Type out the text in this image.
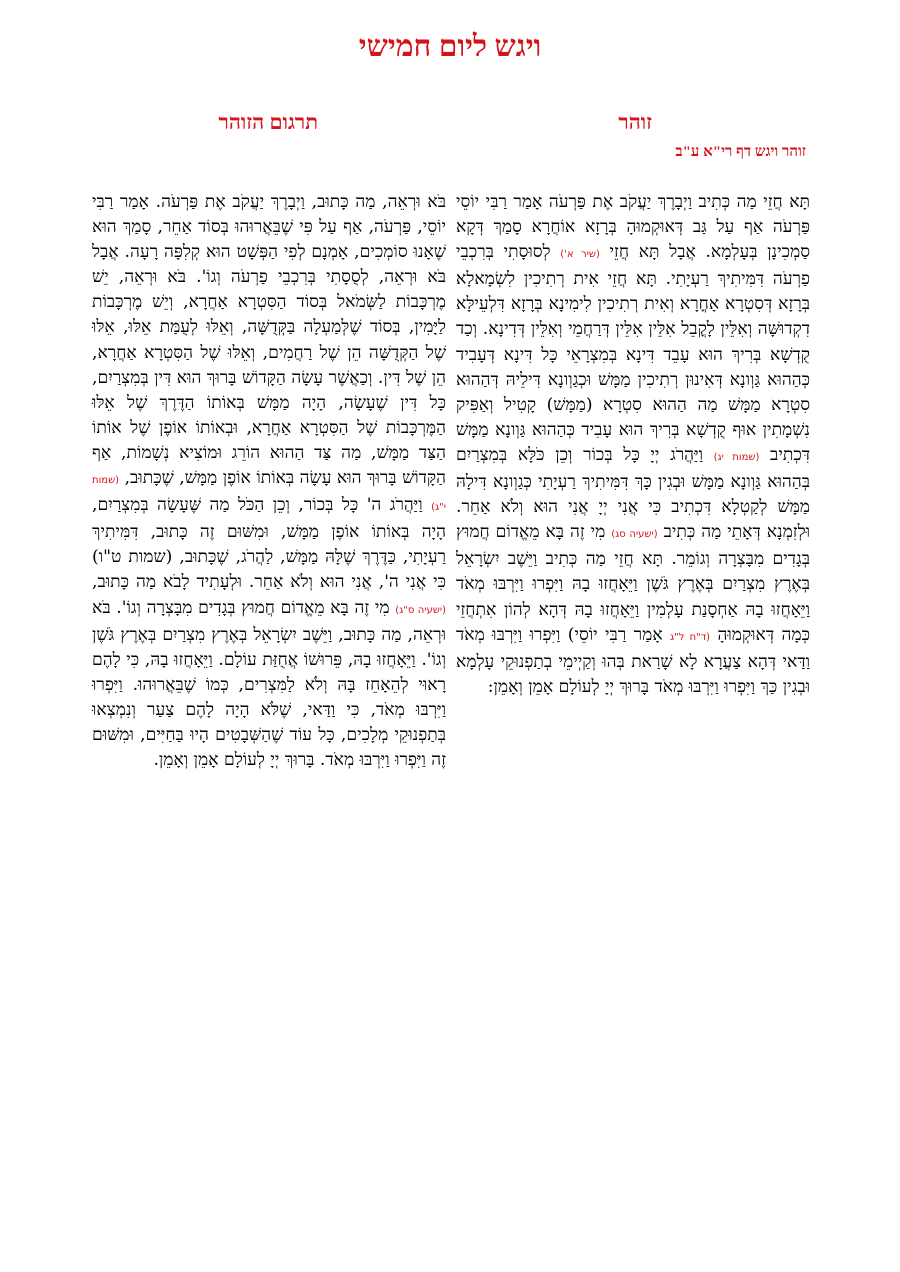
ויגש ליום חמישי
זוהר
תרגום הזוהר
זוהר ויגש דף רי"א ע"ב
תָּא חֲזֵי מַה כְּתִיב וַיְבָרֶךְ יַעֲקֹב אֶת פַּרְעֹה אָמַר רַבִּי יוֹסֵי פַּרְעֹה אַף עַל גַּב דְּאוּקְמוּהָ בְּרָזָא אוֹחֲרָא סָמַךְ דְּקָא סַמְכִינָן בְּעָלְמָא. אֲבָל תָּא חֲזֵי (שיר א') לְסוּסָתִי בְּרִכְבֵי פַרְעֹה דִּמִּיתִיךְ רַעְיָתִי. תָּא חֲזֵי אִית רְתִיכִין לִשְׂמָאלָא בְּרָזָא דְּסִטְרָא אָחֳרָא וְאִית רְתִיכִין לִימִינָא בְּרָזָא דִּלְעֵילָּא דִקְדוּשָּׁה וְאִלֵּין לָקֳבֵל אִלֵּין אִלֵּין דְּרַחֲמֵי וְאִלֵּין דְּדִינָא. וְכַד קֻדְשָׁא בְּרִיךְ הוּא עָבֵד דִּינָא בְּמִצְרָאֵי כָּל דִּינָא דְּעָבִיד כְּהַהוּא גַּוְונָא דְּאִינוּן רְתִיכִין מַמָּשׁ וּכְגַוְונָא דִּילֵיהּ דְּהַהוּא סִטְרָא מַמָּשׁ מַה הַהוּא סִטְרָא (מַמָּשׁ) קָטִיל וְאַפִּיק נִשְׁמָתִין אוּף קֻדְשָׁא בְּרִיךְ הוּא עָבִיד כְּהַהוּא גַּוְונָא מַמָּשׁ דִּכְתִיב (שמות יג) וַיַּהֲרֹג יְיָ כָּל בְּכוֹר וְכֵן כֹּלָּא בְּמִצְרַיִם בְּהַהוּא גַּוְונָא מַמָּשׁ וּבְגִין כָּךְ דִּמִּיתִיךְ רַעְיָתִי כְּגַוְונָא דִּילָהּ מַמָּשׁ לְקַטְלָא דִּכְתִיב כִּי אֲנִי יְיָ אֲנִי הוּא וְלֹא אַחֵר. וּלְזִמְנָא דְּאָתֵי מַה כְּתִיב (ישעיה סג) מִי זֶה בָּא מֵאֱדוֹם חֲמוּץ בְּגָדִים מִבָּצְרָה וְגוֹמֵר. תָּא חֲזֵי מַה כְּתִיב וַיֵּשֶׁב יִשְׂרָאֵל בְּאֶרֶץ מִצְרַיִם בְּאֶרֶץ גֹּשֶׁן וַיֵּאָחֲזוּ בָהּ וַיִּפְרוּ וַיִּרְבּוּ מְאֹד וַיֵּאָחֲזוּ בָהּ אַחְסָנַת עָלְמִין וַיֵּאָחֲזוּ בָהּ דְּהָא לְהוֹן אִתְחֲזֵי כְּמָה דְּאוּקְמוּהָ (ד"ח ל"ג אָמַר רַבִּי יוֹסֵי) וַיִּפְרוּ וַיִּרְבּוּ מְאֹד וַדַּאי דְּהָא צַעֲרָא לָא שָׁרַאת בְּהוּ וְקַיְימֵי בְתַפְנוּקֵי עָלְמָא וּבְגִין כַּךְ וַיִּפְרוּ וַיִּרְבּוּ מְאֹד בָּרוּךְ יְיָ לְעוֹלָם אָמֵן וְאָמֵן:
בֹּא וּרְאֵה, מַה כָּתוּב, וַיְבָרֶךְ יַעֲקֹב אֶת פַּרְעֹה. אָמַר רַבִּי יוֹסֵי, פַּרְעֹה, אַף עַל פִּי שֶׁבֵּאֲרוּהוּ בְּסוֹד אַחֵר, סָמַךְ הוּא שֶׁאָנוּ סוֹמְכִים, אָמְנָם לְפִי הַפְּשָׁט הוּא קְלִפָּה רָעָה. אֲבָל בֹּא וּרְאֵה, לְסֻסָתִי בְּרִכְבֵי פַרְעֹה וְגוֹ'. בֹּא וּרְאֵה, יֵשׁ מֶרְכָּבוֹת לַשְּׂמֹאל בְּסוֹד הַסִּטְרָא אַחֲרָא, וְיֵשׁ מֶרְכָּבוֹת לַיָּמִין, בְּסוֹד שֶׁלְּמַעְלָה בַּקְּדֻשָּׁה, וְאֵלּוּ לְעֻמַּת אֵלּוּ, אֵלּוּ שֶׁל הַקְּדֻשָּׁה הֵן שֶׁל רַחֲמִים, וְאֵלּוּ שֶׁל הַסִּטְרָא אַחֲרָא, הֵן שֶׁל דִּין. וְכַאֲשֶׁר עָשָׂה הַקָּדוֹשׁ בָּרוּךְ הוּא דִּין בְּמִצְרַיִם, כָּל דִּין שֶׁעָשָׂה, הָיָה מַמָּשׁ בְּאוֹתוֹ הַדֶּרֶךְ שֶׁל אֵלּוּ הַמֶּרְכָּבוֹת שֶׁל הַסִּטְרָא אַחֲרָא, וּבְאוֹתוֹ אוֹפֶן שֶׁל אוֹתוֹ הַצַּד מַמָּשׁ, מַה צַּד הַהוּא הוֹרֵג וּמוֹצִיא נְשָׁמוֹת, אַף הַקָּדוֹשׁ בָּרוּךְ הוּא עָשָׂה בְּאוֹתוֹ אוֹפֶן מַמָּשׁ, שֶׁכָּתוּב, (שמות י"ג) וַיַּהֲרֹג ה' כָּל בְּכוֹר, וְכֵן הַכֹּל מַה שֶּׁעָשָׂה בְּמִצְרַיִם, הָיָה בְּאוֹתוֹ אוֹפֶן מַמָּשׁ, וּמִשּׁוּם זֶה כָּתוּב, דִּמִּיתִיךְ רַעְיָתִי, כַּדֶּרֶךְ שֶׁלָּהּ מַמָּשׁ, לַהֲרֹג, שֶׁכָּתוּב, (שמות ט"ו) כִּי אֲנִי ה', אֲנִי הוּא וְלֹא אַחֵר. וּלְעָתִיד לָבֹא מַה כָּתוּב, (ישעיה ס"ג) מִי זֶה בָּא מֵאֱדוֹם חֲמוּץ בְּגָדִים מִבָּצְרָה וְגוֹ'. בֹּא וּרְאֵה, מַה כָּתוּב, וַיֵּשֶׁב יִשְׂרָאֵל בְּאֶרֶץ מִצְרַיִם בְּאֶרֶץ גֹּשֶׁן וְגוֹ'. וַיֵּאָחֲזוּ בָהּ, פֵּרוּשׁוֹ אֲחֻזַּת עוֹלָם. וַיֵּאָחֲזוּ בָהּ, כִּי לָהֶם רָאוּי לְהֵאָחֵז בָּהּ וְלֹא לַמִּצְרִים, כְּמוֹ שֶׁבֵּאֲרוּהוּ. וַיִּפְרוּ וַיִּרְבּוּ מְאֹד, כִּי וַדַּאי, שֶׁלֹּא הָיָה לָהֶם צַעַר וְנִמְצְאוּ בְּתַפְנוּקֵי מְלָכִים, כָּל עוֹד שֶׁהַשְּׁבָטִים הָיוּ בַּחַיִּים, וּמִשּׁוּם זֶה וַיִּפְרוּ וַיִּרְבּוּ מְאֹד. בָּרוּךְ יְיָ לְעוֹלָם אָמֵן וְאָמֵן.
